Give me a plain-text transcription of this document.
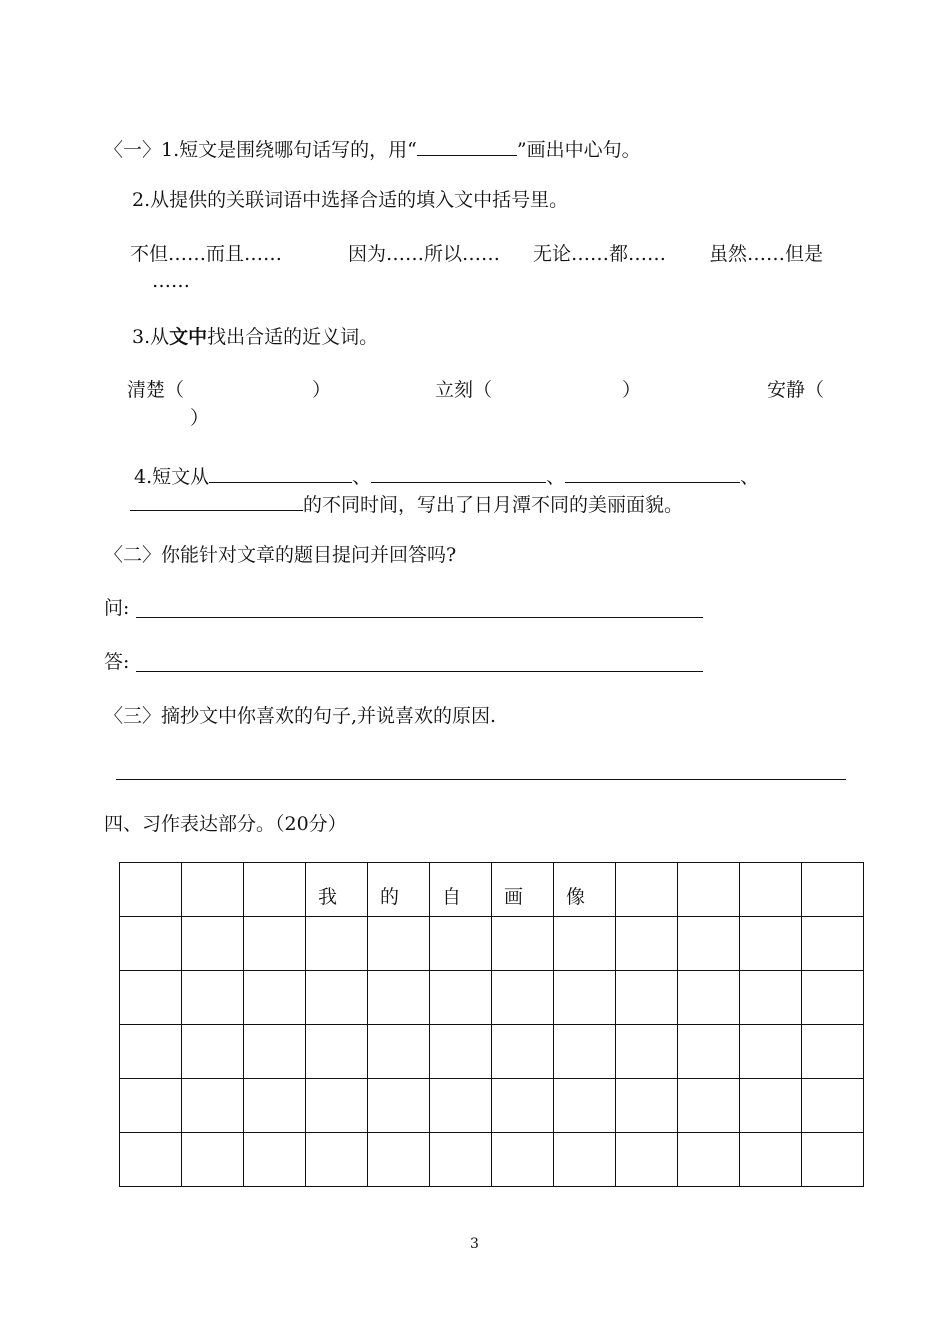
〈一〉1.短文是围绕哪句话写的，用“	”画出中心句。
2.从提供的关联词语中选择合适的填入文中括号里。
不但……而且……	因为……所以…… 无论……都…… 虽然……但是
……
3.从文中找出合适的近义词。
清楚（	）	立刻（	）	安静（
）
4.短文从	、	、	、
的不同时间，写出了日月潭不同的美丽面貌。
〈二〉你能针对文章的题目提问并回答吗?
问:
答:
〈三〉摘抄文中你喜欢的句子,并说喜欢的原因.
四、习作表达部分。（20分）
			我	的	自	画	像				

3
